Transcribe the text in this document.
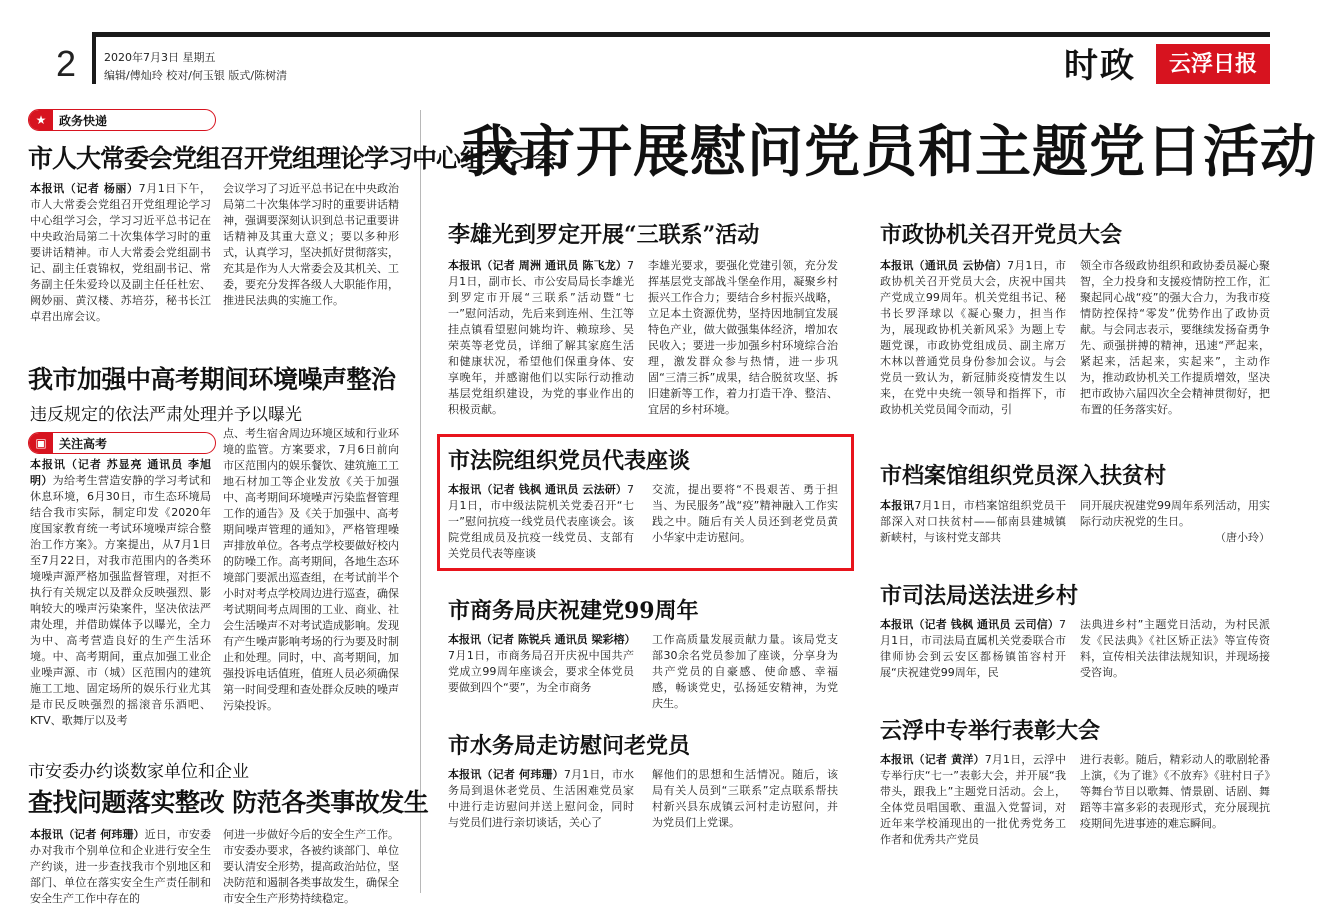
2	2020年7月3日 星期五
编辑/傅灿玲 校对/何玉银 版式/陈树清	时政	云浮日报
★	政务快递
市人大常委会党组召开党组理论学习中心组学习会
本报讯（记者 杨丽）7月1日下午，市人大常委会党组召开党组理论学习中心组学习会，学习习近平总书记在中央政治局第二十次集体学习时的重要讲话精神。市人大常委会党组副书记、副主任袁锦权，党组副书记、常务副主任朱爱玲以及副主任任杜宏、阙妙丽、黄汉楼、苏培芬，秘书长江卓君出席会议。
会议学习了习近平总书记在中央政治局第二十次集体学习时的重要讲话精神，强调要深刻认识到总书记重要讲话精神及其重大意义；要以多种形式，认真学习，坚决抓好贯彻落实，充其是作为人大常委会及其机关、工委，要充分发挥各级人大职能作用，推进民法典的实施工作。
我市加强中高考期间环境噪声整治
违反规定的依法严肃处理并予以曝光
▣	关注高考
本报讯（记者 苏显亮 通讯员 李旭明）为给考生营造安静的学习考试和休息环境，6月30日，市生态环境局结合我市实际，制定印发《2020年度国家教育统一考试环境噪声综合整治工作方案》。方案提出，从7月1日至7月22日，对我市范围内的各类环境噪声源严格加强监督管理，对拒不执行有关规定以及群众反映强烈、影响较大的噪声污染案件，坚决依法严肃处理，并借助媒体予以曝光，全力为中、高考营造良好的生产生活环境。中、高考期间，重点加强工业企业噪声源、市（城）区范围内的建筑施工工地、固定场所的娱乐行业尤其是市民反映强烈的摇滚音乐酒吧、KTV、歌舞厅以及考
点、考生宿舍周边环境区域和行业环境的监管。方案要求，7月6日前向市区范围内的娱乐餐饮、建筑施工工地石材加工等企业发放《关于加强中、高考期间环境噪声污染监督管理工作的通告》及《关于加强中、高考期间噪声管理的通知》，严格管理噪声排放单位。各考点学校要做好校内的防噪工作。高考期间，各地生态环境部门要派出巡查组，在考试前半个小时对考点学校周边进行巡查，确保考试期间考点周围的工业、商业、社会生活噪声不对考试造成影响。发现有产生噪声影响考场的行为要及时制止和处理。同时，中、高考期间，加强投诉电话值班，值班人员必须确保第一时间受理和查处群众反映的噪声污染投诉。
市安委办约谈数家单位和企业
查找问题落实整改 防范各类事故发生
本报讯（记者 何玮珊）近日，市安委办对我市个别单位和企业进行安全生产约谈，进一步查找我市个别地区和部门、单位在落实安全生产责任制和安全生产工作中存在的
何进一步做好今后的安全生产工作。市安委办要求，各被约谈部门、单位要认清安全形势，提高政治站位，坚决防范和遏制各类事故发生，确保全市安全生产形势持续稳定。
我市开展慰问党员和主题党日活动
李雄光到罗定开展“三联系”活动
本报讯（记者 周洲 通讯员 陈飞龙）7月1日，副市长、市公安局局长李雄光到罗定市开展“三联系”活动暨“七一”慰问活动，先后来到连州、生江等挂点镇看望慰问姚均许、赖琼珍、吴荣英等老党员，详细了解其家庭生活和健康状况，希望他们保重身体、安享晚年，并感谢他们以实际行动推动基层党组织建设，为党的事业作出的积极贡献。
李雄光要求，要强化党建引领，充分发挥基层党支部战斗堡垒作用，凝聚乡村振兴工作合力；要结合乡村振兴战略，立足本土资源优势，坚持因地制宜发展特色产业，做大做强集体经济，增加农民收入；要进一步加强乡村环境综合治理，激发群众参与热情，进一步巩固“三清三拆”成果，结合脱贫攻坚、拆旧建新等工作，着力打造干净、整洁、宜居的乡村环境。
市政协机关召开党员大会
本报讯（通讯员 云协信）7月1日，市政协机关召开党员大会，庆祝中国共产党成立99周年。机关党组书记、秘书长罗泽球以《凝心聚力，担当作为，展现政协机关新风采》为题上专题党课，市政协党组成员、副主席万木林以普通党员身份参加会议。与会党员一致认为，新冠肺炎疫情发生以来，在党中央统一领导和指挥下，市政协机关党员闻令而动，引
领全市各级政协组织和政协委员凝心聚智，全力投身和支援疫情防控工作，汇聚起同心战“疫”的强大合力，为我市疫情防控保持“零发”优势作出了政协贡献。与会同志表示，要继续发扬奋勇争先、顽强拼搏的精神，迅速“严起来，紧起来，活起来，实起来”，主动作为，推动政协机关工作提质增效，坚决把市政协六届四次全会精神贯彻好，把布置的任务落实好。
市法院组织党员代表座谈
本报讯（记者 钱枫 通讯员 云法研）7月1日，市中级法院机关党委召开“七一”慰问抗疫一线党员代表座谈会。该院党组成员及抗疫一线党员、支部有关党员代表等座谈
交流，提出要将“不畏艰苦、勇于担当、为民服务”战“疫”精神融入工作实践之中。随后有关人员还到老党员黄小华家中走访慰问。
市档案馆组织党员深入扶贫村
本报讯7月1日，市档案馆组织党员干部深入对口扶贫村——郁南县建城镇新峡村，与该村党支部共
同开展庆祝建党99周年系列活动，用实际行动庆祝党的生日。
（唐小玲）
市商务局庆祝建党99周年
本报讯（记者 陈锐兵 通讯员 梁彩榕）7月1日，市商务局召开庆祝中国共产党成立99周年座谈会，要求全体党员要做到四个“要”，为全市商务
工作高质量发展贡献力量。该局党支部30余名党员参加了座谈，分享身为共产党员的自豪感、使命感、幸福感，畅谈党史，弘扬延安精神，为党庆生。
市司法局送法进乡村
本报讯（记者 钱枫 通讯员 云司信）7月1日，市司法局直属机关党委联合市律师协会到云安区都杨镇笛容村开展“庆祝建党99周年，民
法典进乡村”主题党日活动，为村民派发《民法典》《社区矫正法》等宣传资料，宣传相关法律法规知识，并现场接受咨询。
市水务局走访慰问老党员
本报讯（记者 何玮珊）7月1日，市水务局到退休老党员、生活困难党员家中进行走访慰问并送上慰问金，同时与党员们进行亲切谈话，关心了
解他们的思想和生活情况。随后，该局有关人员到“三联系”定点联系帮扶村新兴县东成镇云河村走访慰问，并为党员们上党课。
云浮中专举行表彰大会
本报讯（记者 黄洋）7月1日，云浮中专举行庆“七一”表彰大会，并开展“我带头，跟我上”主题党日活动。会上，全体党员唱国歌、重温入党誓词，对近年来学校涌现出的一批优秀党务工作者和优秀共产党员
进行表彰。随后，精彩动人的歌剧轮番上演，《为了谁》《不放弃》《驻村日子》等舞台节目以歌舞、情景剧、话剧、舞蹈等丰富多彩的表现形式，充分展现抗疫期间先进事迹的难忘瞬间。
